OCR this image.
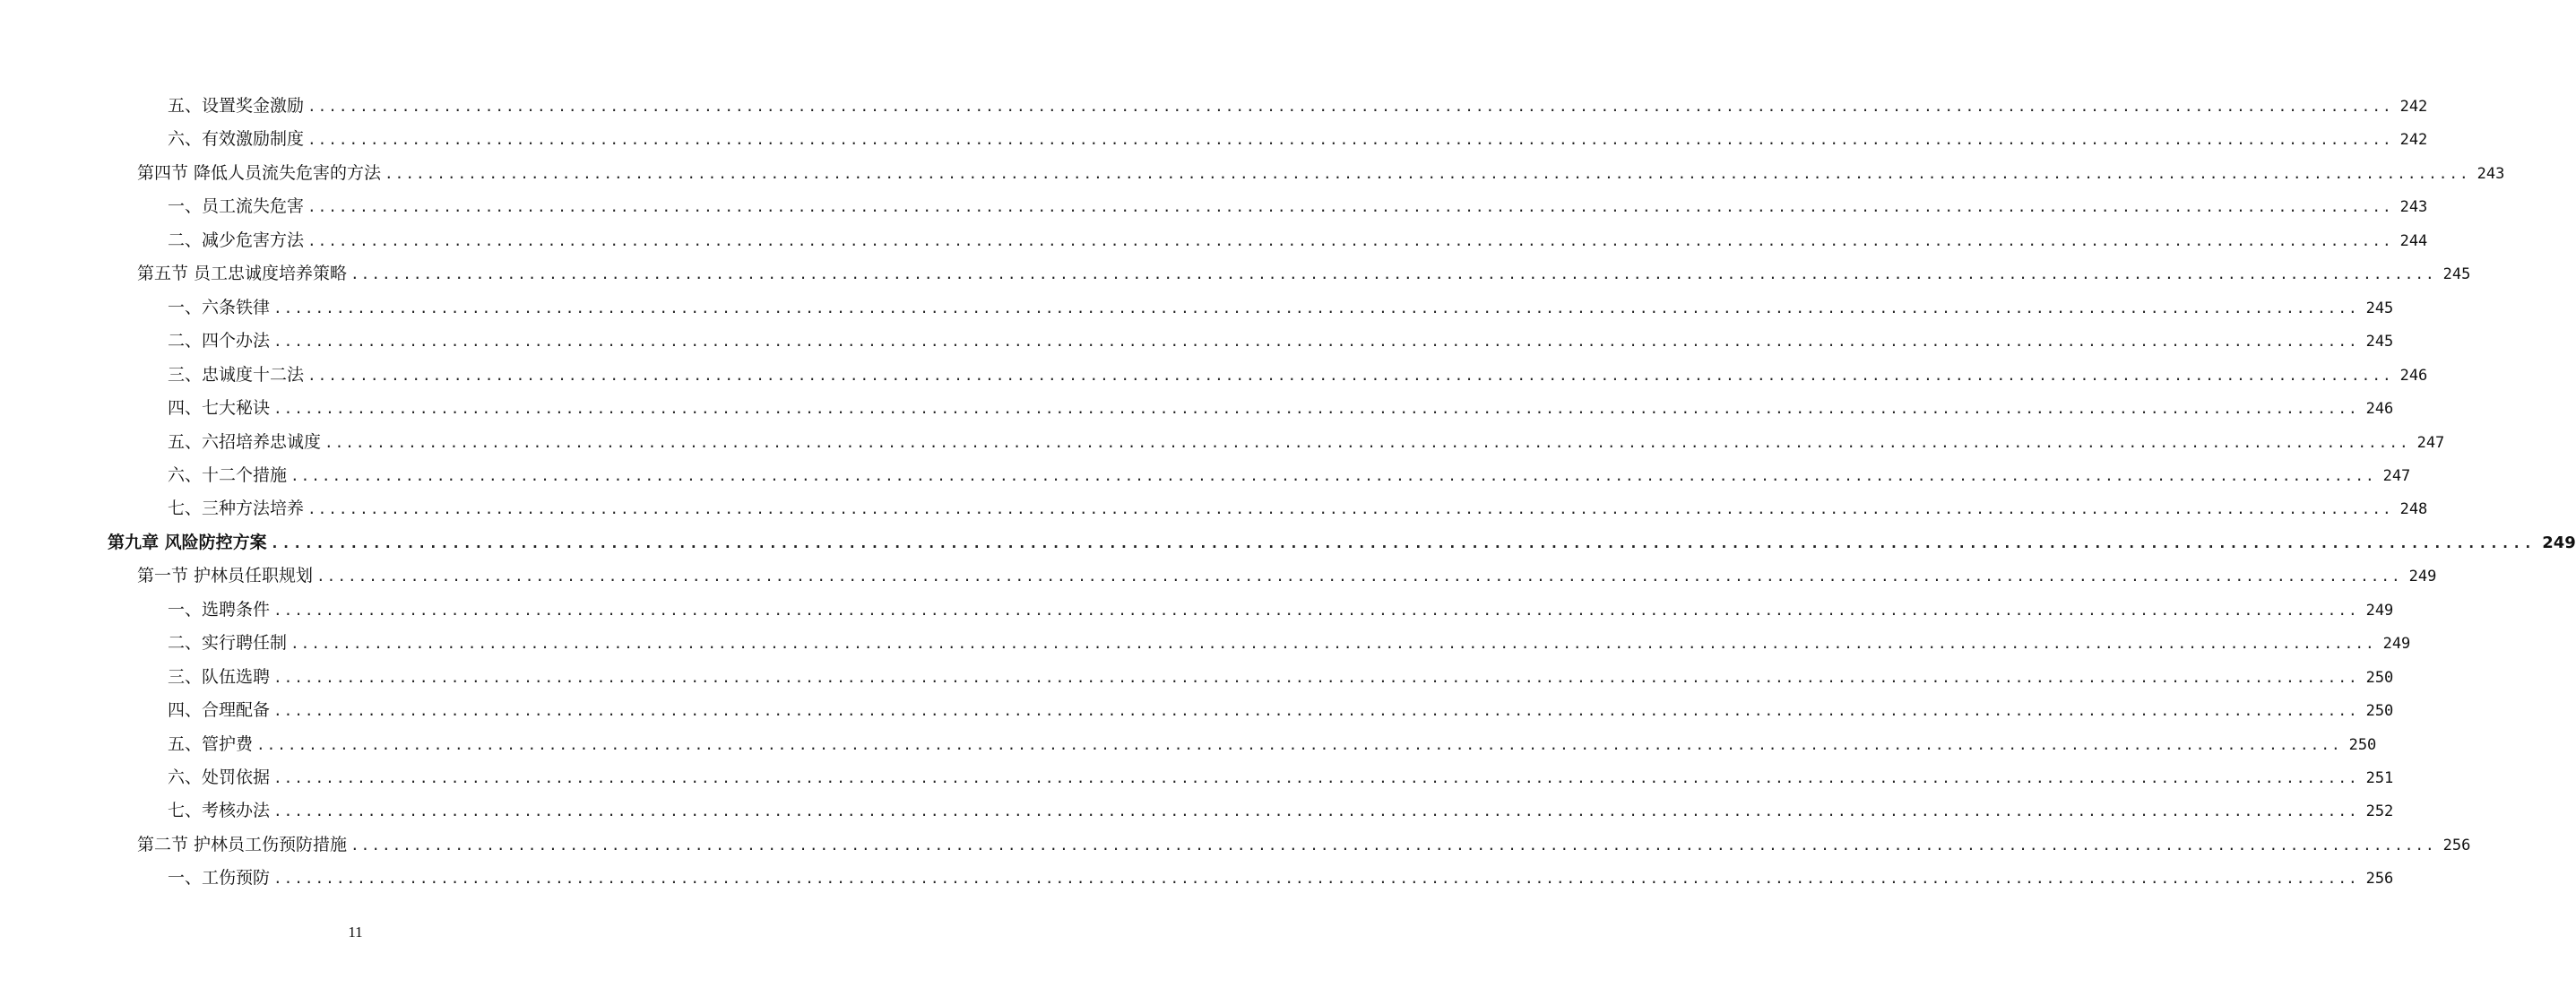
五、设置奖金激励 ........................................................................................................................................................................................................ 242
六、有效激励制度 ........................................................................................................................................................................................................ 242
第四节 降低人员流失危害的方法 ........................................................................................................................................................................................................ 243
一、员工流失危害 ........................................................................................................................................................................................................ 243
二、减少危害方法 ........................................................................................................................................................................................................ 244
第五节 员工忠诚度培养策略 ........................................................................................................................................................................................................ 245
一、六条铁律 ........................................................................................................................................................................................................ 245
二、四个办法 ........................................................................................................................................................................................................ 245
三、忠诚度十二法 ........................................................................................................................................................................................................ 246
四、七大秘诀 ........................................................................................................................................................................................................ 246
五、六招培养忠诚度 ........................................................................................................................................................................................................ 247
六、十二个措施 ........................................................................................................................................................................................................ 247
七、三种方法培养 ........................................................................................................................................................................................................ 248
第九章 风险防控方案 ........................................................................................................................................................................................................ 249
第一节 护林员任职规划 ........................................................................................................................................................................................................ 249
一、选聘条件 ........................................................................................................................................................................................................ 249
二、实行聘任制 ........................................................................................................................................................................................................ 249
三、队伍选聘 ........................................................................................................................................................................................................ 250
四、合理配备 ........................................................................................................................................................................................................ 250
五、管护费 ........................................................................................................................................................................................................ 250
六、处罚依据 ........................................................................................................................................................................................................ 251
七、考核办法 ........................................................................................................................................................................................................ 252
第二节 护林员工伤预防措施 ........................................................................................................................................................................................................ 256
一、工伤预防 ........................................................................................................................................................................................................ 256
11
